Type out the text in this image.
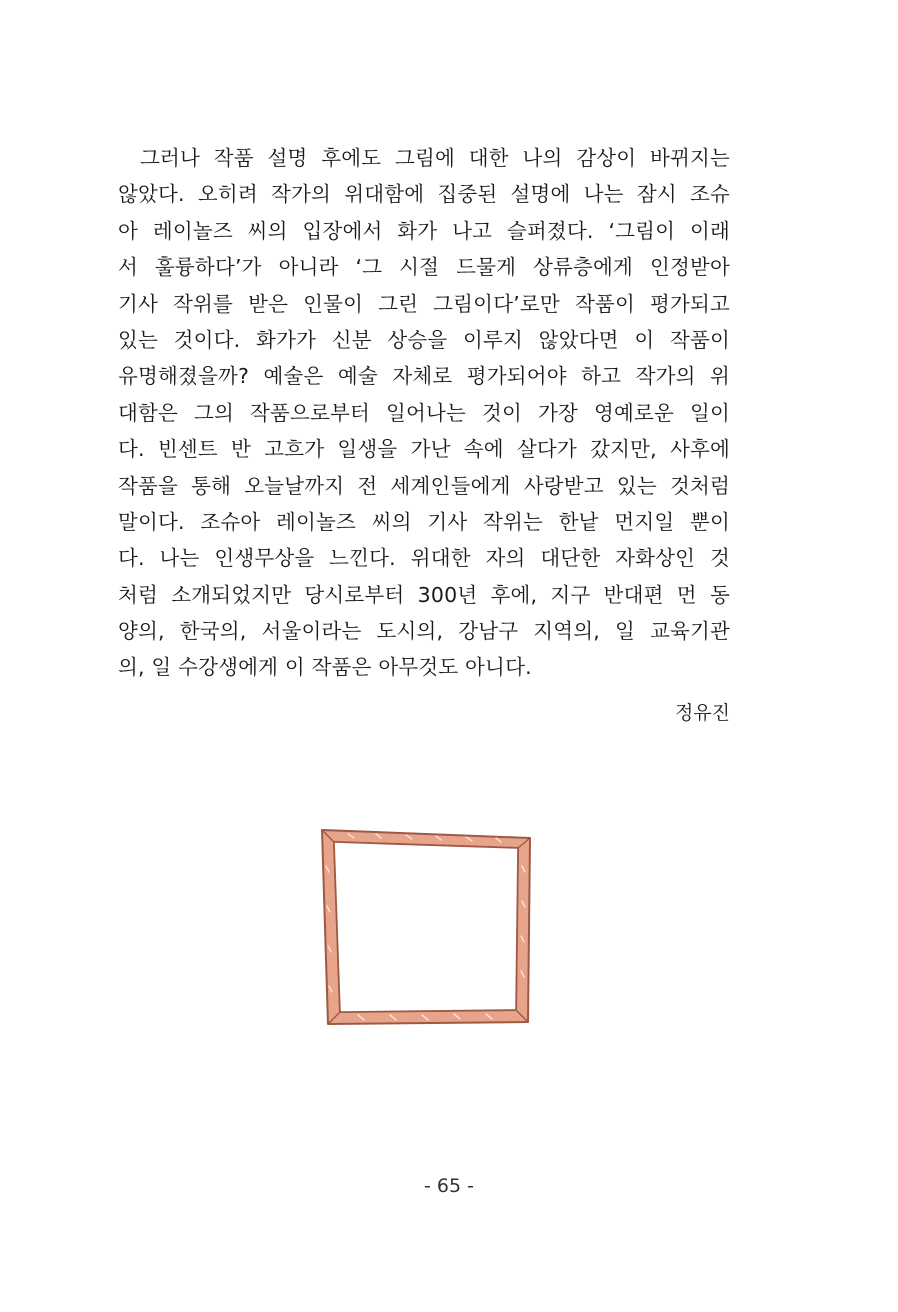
그러나 작품 설명 후에도 그림에 대한 나의 감상이 바뀌지는
않았다. 오히려 작가의 위대함에 집중된 설명에 나는 잠시 조슈
아 레이놀즈 씨의 입장에서 화가 나고 슬퍼졌다. ‘그림이 이래
서 훌륭하다’가 아니라 ‘그 시절 드물게 상류층에게 인정받아
기사 작위를 받은 인물이 그린 그림이다’로만 작품이 평가되고
있는 것이다. 화가가 신분 상승을 이루지 않았다면 이 작품이
유명해졌을까? 예술은 예술 자체로 평가되어야 하고 작가의 위
대함은 그의 작품으로부터 일어나는 것이 가장 영예로운 일이
다. 빈센트 반 고흐가 일생을 가난 속에 살다가 갔지만, 사후에
작품을 통해 오늘날까지 전 세계인들에게 사랑받고 있는 것처럼
말이다. 조슈아 레이놀즈 씨의 기사 작위는 한낱 먼지일 뿐이
다. 나는 인생무상을 느낀다. 위대한 자의 대단한 자화상인 것
처럼 소개되었지만 당시로부터 300년 후에, 지구 반대편 먼 동
양의, 한국의, 서울이라는 도시의, 강남구 지역의, 일 교육기관
의, 일 수강생에게 이 작품은 아무것도 아니다.
정유진
- 65 -
